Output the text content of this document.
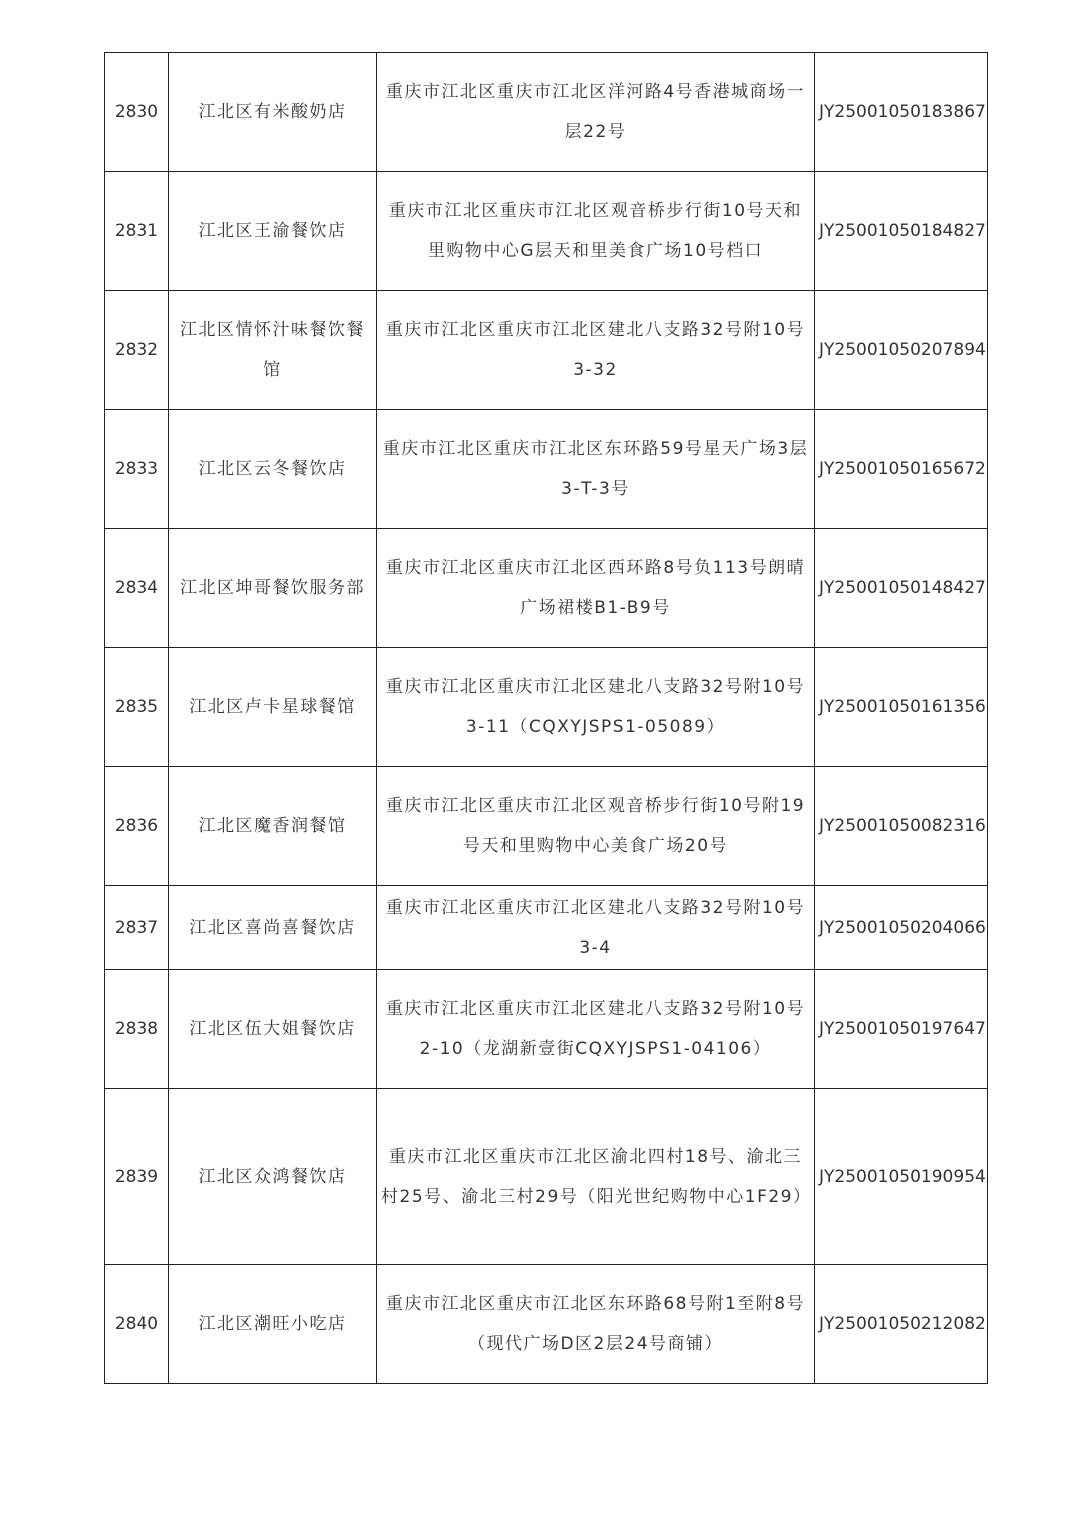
2830	江北区有米酸奶店	重庆市江北区重庆市江北区洋河路4号香港城商场一层22号	JY25001050183867
2831	江北区王渝餐饮店	重庆市江北区重庆市江北区观音桥步行街10号天和里购物中心G层天和里美食广场10号档口	JY25001050184827
2832	江北区情怀汁味餐饮餐馆	重庆市江北区重庆市江北区建北八支路32号附10号3-32	JY25001050207894
2833	江北区云冬餐饮店	重庆市江北区重庆市江北区东环路59号星天广场3层3-T-3号	JY25001050165672
2834	江北区坤哥餐饮服务部	重庆市江北区重庆市江北区西环路8号负113号朗晴广场裙楼B1-B9号	JY25001050148427
2835	江北区卢卡星球餐馆	重庆市江北区重庆市江北区建北八支路32号附10号3-11（CQXYJSPS1-05089）	JY25001050161356
2836	江北区魔香润餐馆	重庆市江北区重庆市江北区观音桥步行街10号附19号天和里购物中心美食广场20号	JY25001050082316
2837	江北区喜尚喜餐饮店	重庆市江北区重庆市江北区建北八支路32号附10号3-4	JY25001050204066
2838	江北区伍大姐餐饮店	重庆市江北区重庆市江北区建北八支路32号附10号2-10（龙湖新壹街CQXYJSPS1-04106）	JY25001050197647
2839	江北区众鸿餐饮店	重庆市江北区重庆市江北区渝北四村18号、渝北三村25号、渝北三村29号（阳光世纪购物中心1F29）	JY25001050190954
2840	江北区潮旺小吃店	重庆市江北区重庆市江北区东环路68号附1至附8号（现代广场D区2层24号商铺）	JY25001050212082
